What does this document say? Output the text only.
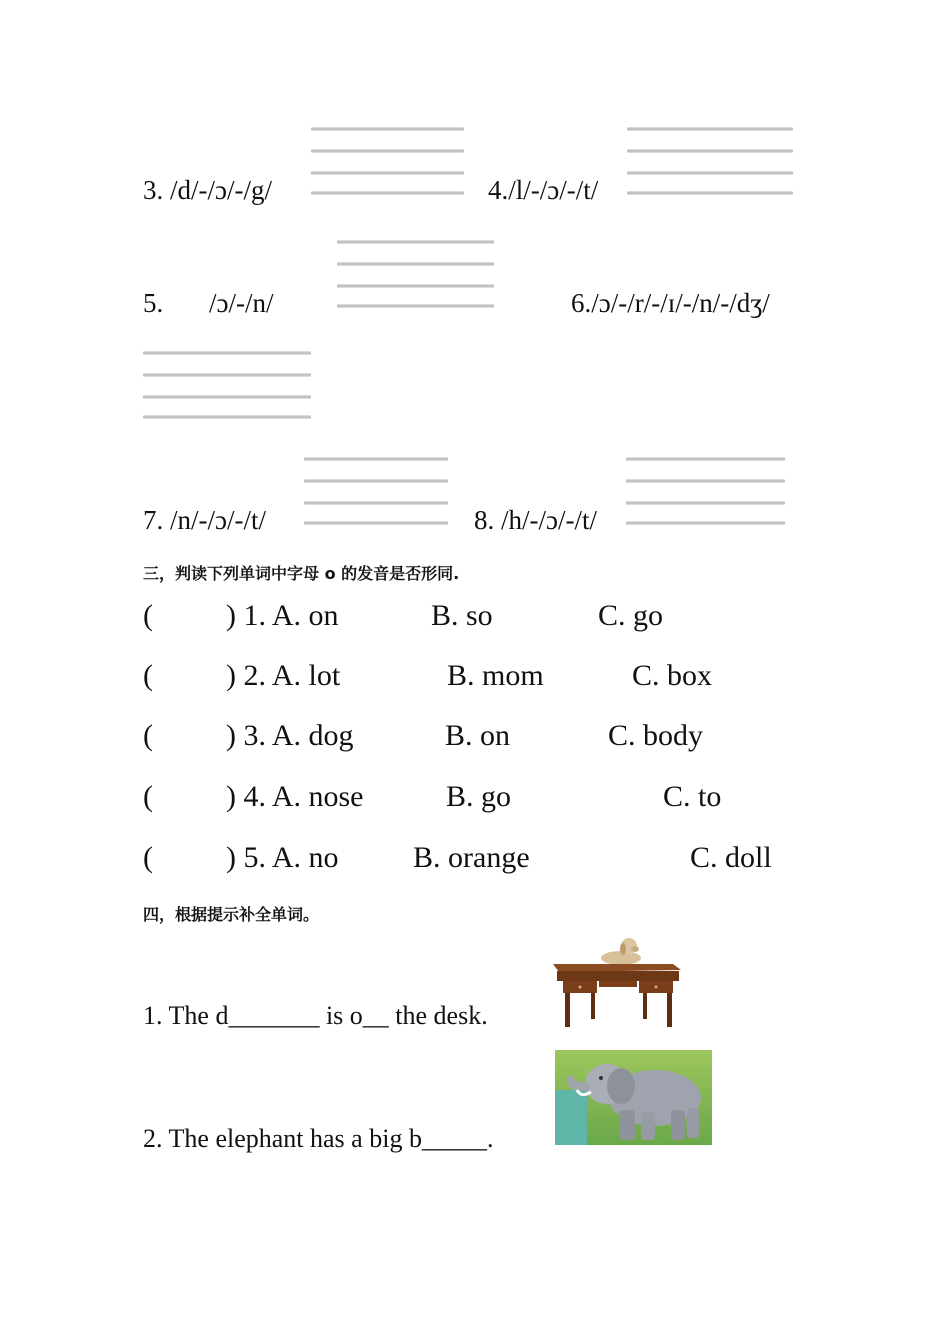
3. /d/-/ɔ/-/g/	4./l/-/ɔ/-/t/
5. /ɔ/-/n/	6./ɔ/-/r/-/ɪ/-/n/-/dʒ/
7. /n/-/ɔ/-/t/	8. /h/-/ɔ/-/t/
三，判读下列单词中字母 o 的发音是否形同.
( ) 1. A. on	B. so	C. go
( ) 2. A. lot	B. mom	C. box
( ) 3. A. dog	B. on	C. body
( ) 4. A. nose	B. go	C. to
( ) 5. A. no B. orange	C. doll
四，根据提示补全单词。
1. The d_______ is o__ the desk.
2. The elephant has a big b_____.
